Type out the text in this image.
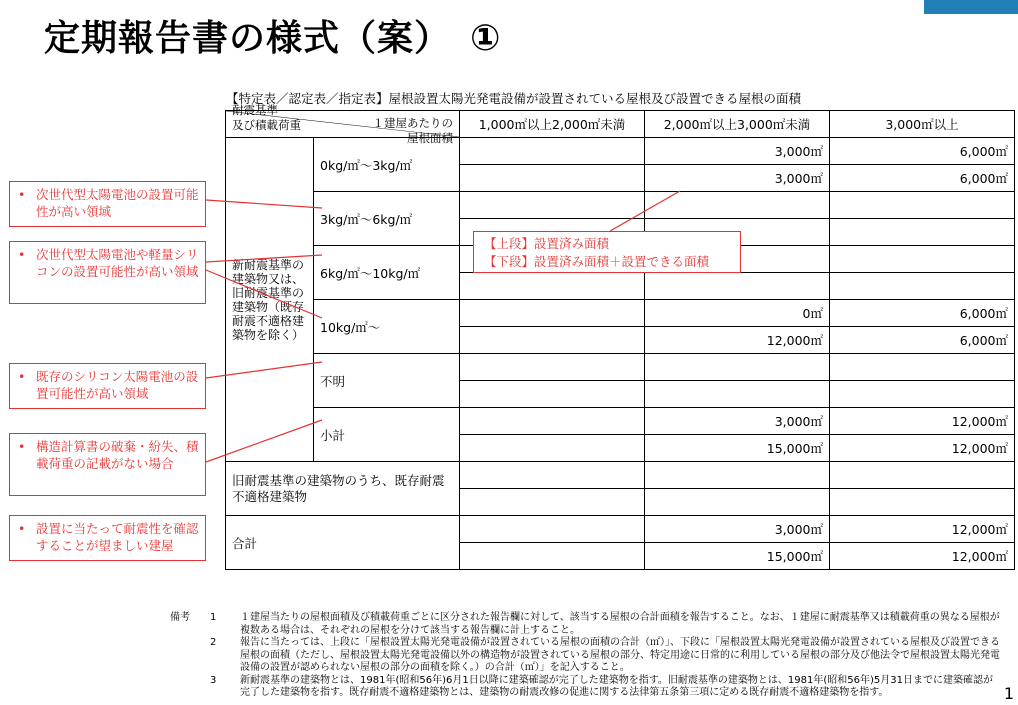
定期報告書の様式（案）　①
【特定表／認定表／指定表】屋根設置太陽光発電設備が設置されている屋根及び設置できる屋根の面積
１建屋あたりの
屋根面積
耐震基準
及び積載荷重		1,000㎡以上2,000㎡未満	2,000㎡以上3,000㎡未満	3,000㎡以上
新耐震基準の建築物又は、旧耐震基準の建築物（既存耐震不適格建築物を除く）	0kg/㎡～3kg/㎡		3,000㎡	6,000㎡
			3,000㎡	6,000㎡
	3kg/㎡～6kg/㎡			

	6kg/㎡～10kg/㎡			

	10kg/㎡～		0㎡	6,000㎡
			12,000㎡	6,000㎡
	不明			

	小計		3,000㎡	12,000㎡
			15,000㎡	12,000㎡
旧耐震基準の建築物のうち、既存耐震不適格建築物				

合計			3,000㎡	12,000㎡
			15,000㎡	12,000㎡
• 次世代型太陽電池の設置可能性が高い領域
• 次世代型太陽電池や軽量シリコンの設置可能性が高い領域
• 既存のシリコン太陽電池の設置可能性が高い領域
• 構造計算書の破棄・紛失、積載荷重の記載がない場合
• 設置に当たって耐震性を確認することが望ましい建屋
【上段】設置済み面積
【下段】設置済み面積＋設置できる面積
備考	1	１建屋当たりの屋根面積及び積載荷重ごとに区分された報告欄に対して、該当する屋根の合計面積を報告すること。なお、１建屋に耐震基準又は積載荷重の異なる屋根が複数ある場合は、それぞれの屋根を分けて該当する報告欄に計上すること。
2	報告に当たっては、上段に「屋根設置太陽光発電設備が設置されている屋根の面積の合計（㎡）」、下段に「屋根設置太陽光発電設備が設置されている屋根及び設置できる屋根の面積（ただし、屋根設置太陽光発電設備以外の構造物が設置されている屋根の部分、特定用途に日常的に利用している屋根の部分及び他法令で屋根設置太陽光発電設備の設置が認められない屋根の部分の面積を除く。）の合計（㎡）」を記入すること。
3	新耐震基準の建築物とは、1981年(昭和56年)6月1日以降に建築確認が完了した建築物を指す。旧耐震基準の建築物とは、1981年(昭和56年)5月31日までに建築確認が完了した建築物を指す。既存耐震不適格建築物とは、建築物の耐震改修の促進に関する法律第五条第三項に定める既存耐震不適格建築物を指す。	1
